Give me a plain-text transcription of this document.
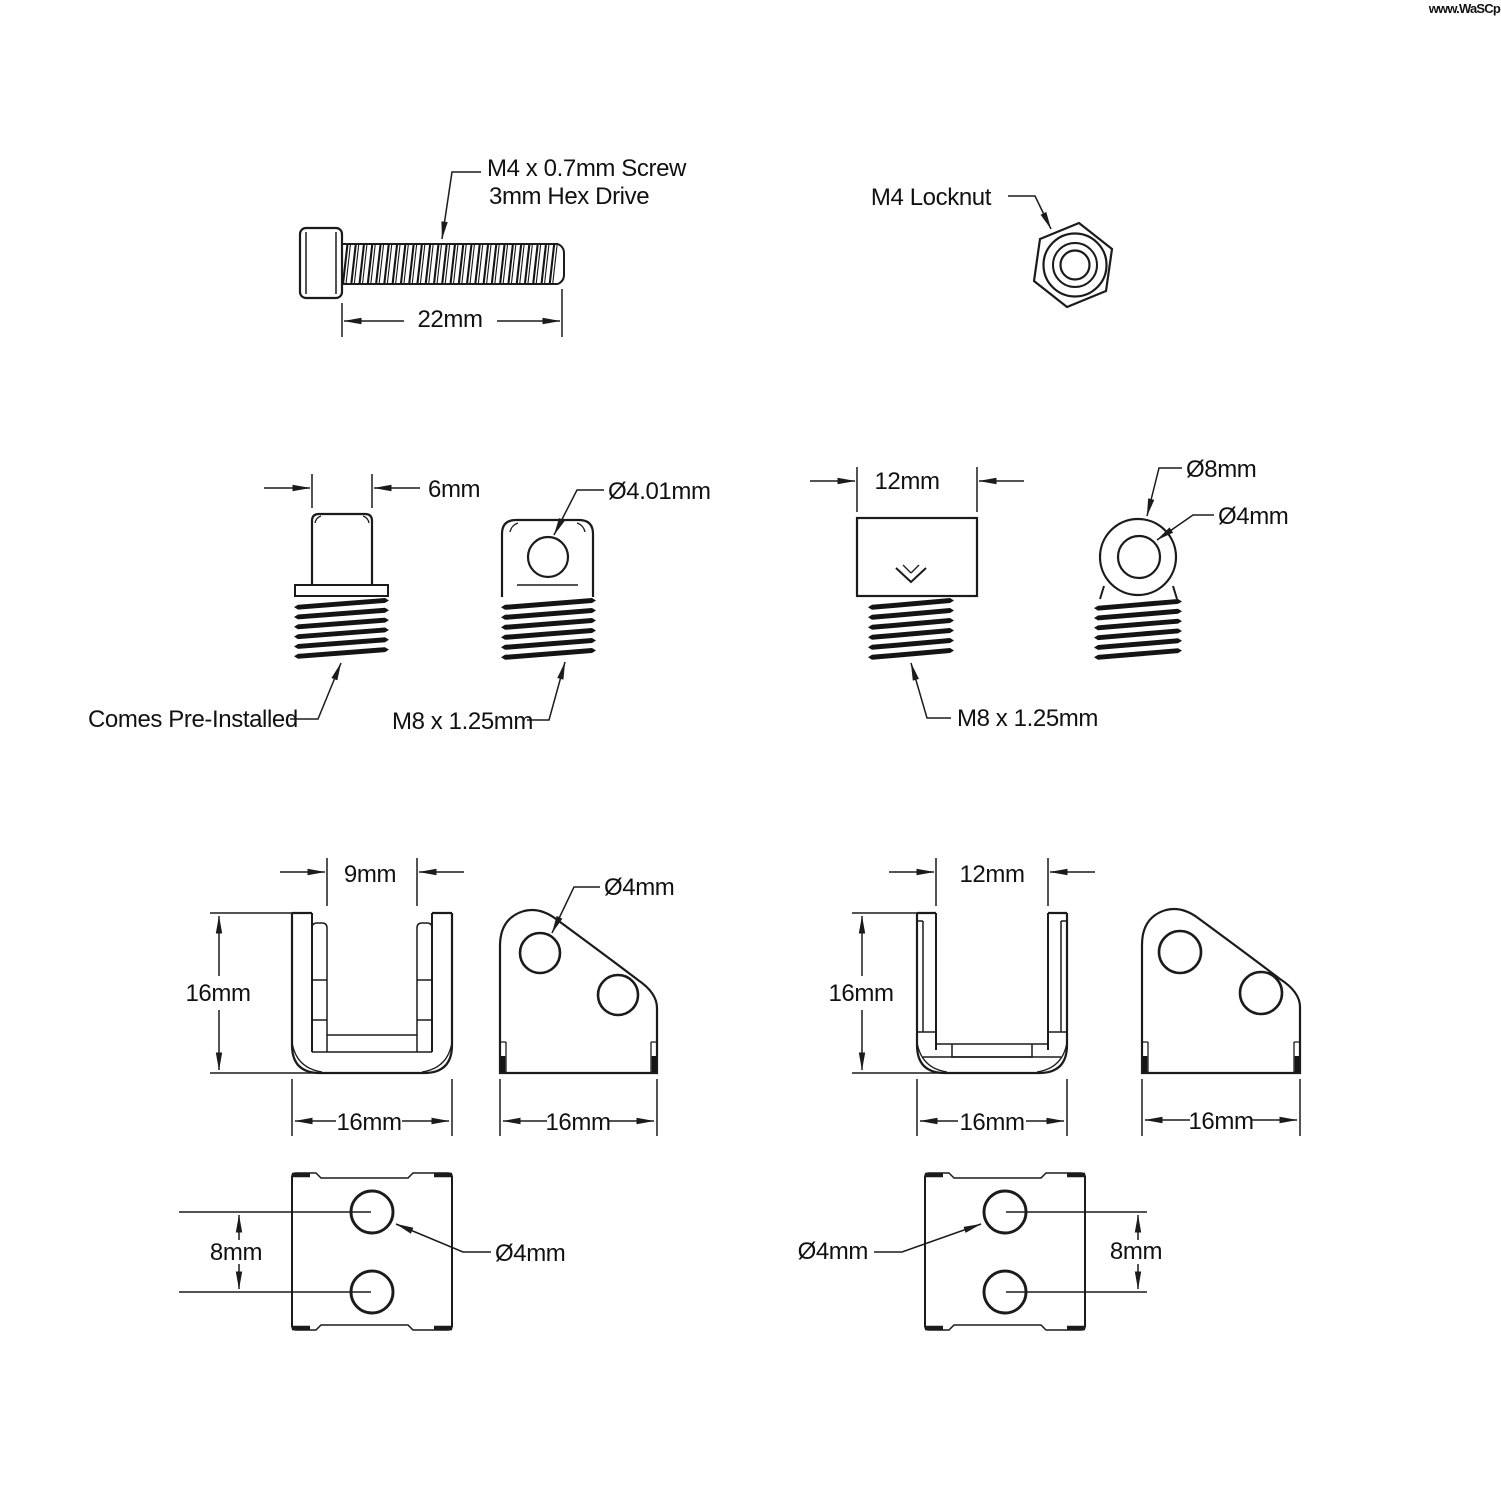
www.WaSCp
22mm
M4 x 0.7mm Screw
3mm Hex Drive	M4 Locknut
6mm
Comes Pre-Installed
Ø4.01mm
M8 x 1.25mm
12mm
M8 x 1.25mm
Ø8mm
Ø4mm
9mm
16mm
16mm
Ø4mm
16mm
8mm	Ø4mm
12mm
16mm
16mm	16mm
8mm
Ø4mm
